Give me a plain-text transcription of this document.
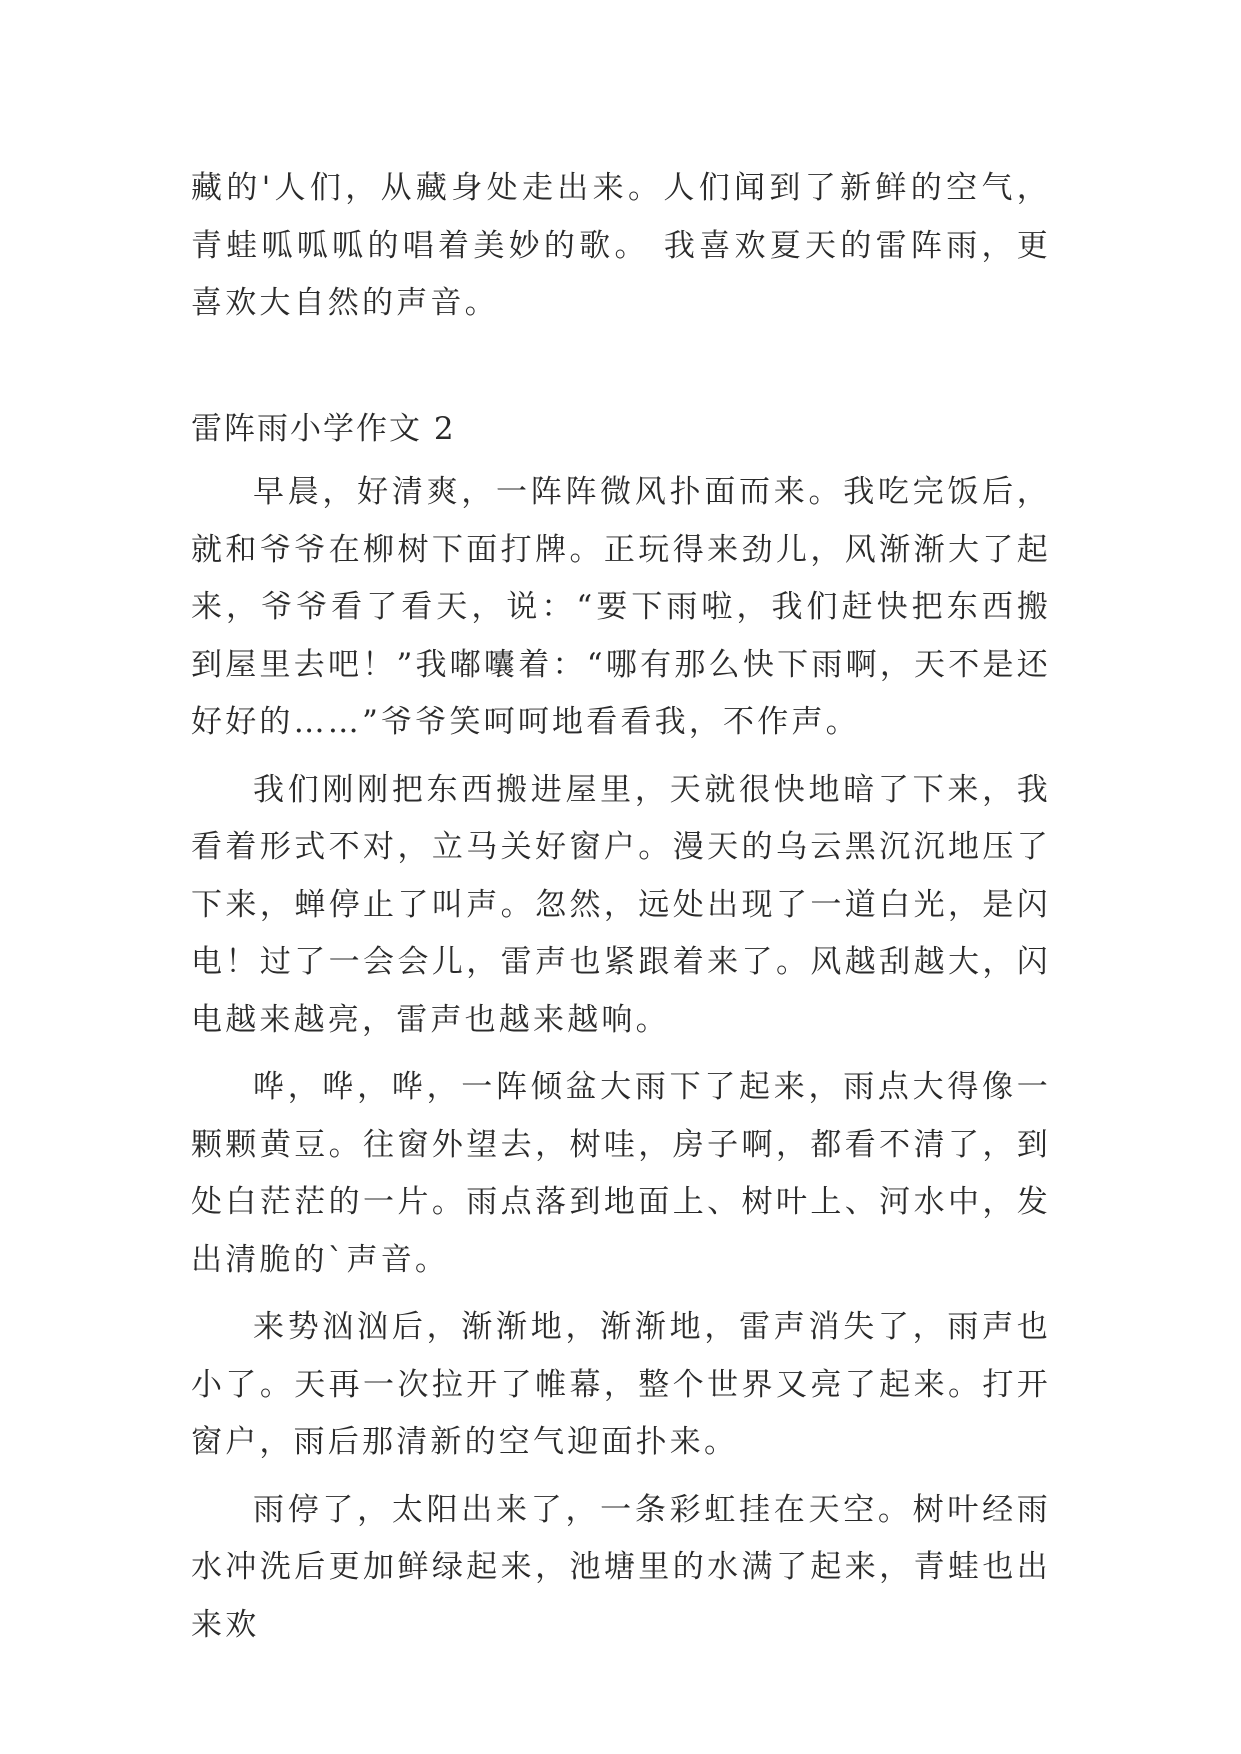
藏的'人们，从藏身处走出来。人们闻到了新鲜的空气，青蛙呱呱呱的唱着美妙的歌。 我喜欢夏天的雷阵雨，更喜欢大自然的声音。

雷阵雨小学作文 2

早晨，好清爽，一阵阵微风扑面而来。我吃完饭后，就和爷爷在柳树下面打牌。正玩得来劲儿，风渐渐大了起来，爷爷看了看天，说：“要下雨啦，我们赶快把东西搬到屋里去吧！”我嘟囔着：“哪有那么快下雨啊，天不是还好好的……”爷爷笑呵呵地看看我，不作声。

我们刚刚把东西搬进屋里，天就很快地暗了下来，我看着形式不对，立马关好窗户。漫天的乌云黑沉沉地压了下来，蝉停止了叫声。忽然，远处出现了一道白光，是闪电！过了一会会儿，雷声也紧跟着来了。风越刮越大，闪电越来越亮，雷声也越来越响。

哗，哗，哗，一阵倾盆大雨下了起来，雨点大得像一颗颗黄豆。往窗外望去，树哇，房子啊，都看不清了，到处白茫茫的一片。雨点落到地面上、树叶上、河水中，发出清脆的`声音。

来势汹汹后，渐渐地，渐渐地，雷声消失了，雨声也小了。天再一次拉开了帷幕，整个世界又亮了起来。打开窗户，雨后那清新的空气迎面扑来。

雨停了，太阳出来了，一条彩虹挂在天空。树叶经雨水冲洗后更加鲜绿起来，池塘里的水满了起来，青蛙也出来欢
